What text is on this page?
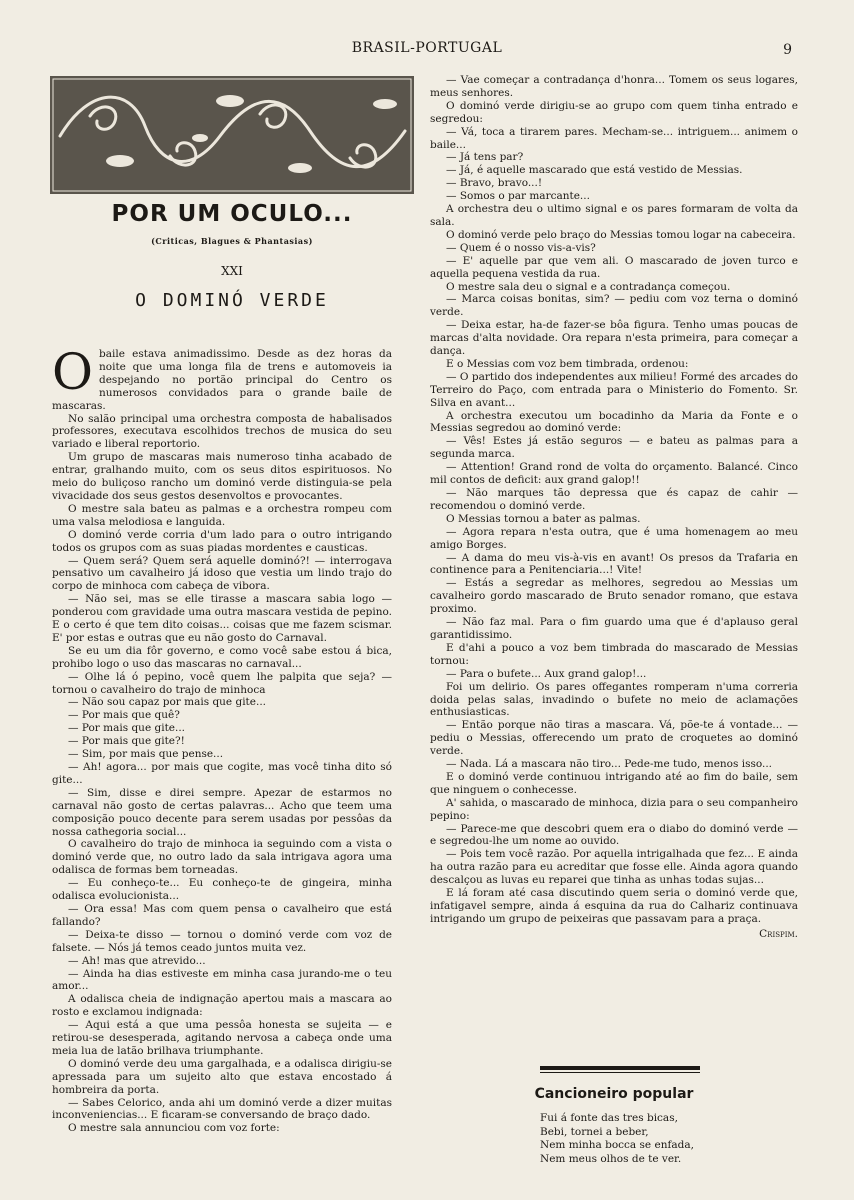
BRASIL-PORTUGAL	9
POR UM OCULO...
(Criticas, Blagues & Phantasias)
XXI
O DOMINÓ VERDE

Obaile estava animadissimo. Desde as dez horas da noite que uma longa fila de trens e automoveis ia despejando no portão principal do Centro os numerosos convidados para o grande baile de mascaras.

No salão principal uma orchestra composta de habalisados professores, executava escolhidos trechos de musica do seu variado e liberal reportorio.

Um grupo de mascaras mais numeroso tinha acabado de entrar, gralhando muito, com os seus ditos espirituosos. No meio do buliçoso rancho um dominó verde distinguia-se pela vivacidade dos seus gestos desenvoltos e provocantes.

O mestre sala bateu as palmas e a orchestra rompeu com uma valsa melodiosa e languida.

O dominó verde corria d'um lado para o outro intrigando todos os grupos com as suas piadas mordentes e causticas.

— Quem será? Quem será aquelle dominó?! — interrogava pensativo um cavalheiro já idoso que vestia um lindo trajo do corpo de minhoca com cabeça de vibora.

— Não sei, mas se elle tirasse a mascara sabia logo — ponderou com gravidade uma outra mascara vestida de pepino. E o certo é que tem dito coisas... coisas que me fazem scismar. E' por estas e outras que eu não gosto do Carnaval.

Se eu um dia fôr governo, e como você sabe estou á bica, prohibo logo o uso das mascaras no carnaval...

— Olhe lá ó pepino, você quem lhe palpita que seja? — tornou o cavalheiro do trajo de minhoca

— Não sou capaz por mais que gite...

— Por mais que quê?

— Por mais que gite...

— Por mais que gite?!

— Sim, por mais que pense...

— Ah! agora... por mais que cogite, mas você tinha dito só gite...

— Sim, disse e direi sempre. Apezar de estarmos no carnaval não gosto de certas palavras... Acho que teem uma composição pouco decente para serem usadas por pessôas da nossa cathegoria social...

O cavalheiro do trajo de minhoca ia seguindo com a vista o dominó verde que, no outro lado da sala intrigava agora uma odalisca de formas bem torneadas.

— Eu conheço-te... Eu conheço-te de gingeira, minha odalisca evolucionista...

— Ora essa! Mas com quem pensa o cavalheiro que está fallando?

— Deixa-te disso — tornou o dominó verde com voz de falsete. — Nós já temos ceado juntos muita vez.

— Ah! mas que atrevido...

— Ainda ha dias estiveste em minha casa jurando-me o teu amor...

A odalisca cheia de indignação apertou mais a mascara ao rosto e exclamou indignada:

— Aqui está a que uma pessôa honesta se sujeita — e retirou-se desesperada, agitando nervosa a cabeça onde uma meia lua de latão brilhava triumphante.

O dominó verde deu uma gargalhada, e a odalisca dirigiu-se apressada para um sujeito alto que estava encostado á hombreira da porta.

— Sabes Celorico, anda ahi um dominó verde a dizer muitas inconveniencias... E ficaram-se conversando de braço dado.

O mestre sala annunciou com voz forte:

— Vae começar a contradança d'honra... Tomem os seus logares, meus senhores.

O dominó verde dirigiu-se ao grupo com quem tinha entrado e segredou:

— Vá, toca a tirarem pares. Mecham-se... intriguem... animem o baile...

— Já tens par?

— Já, é aquelle mascarado que está vestido de Messias.

— Bravo, bravo...!

— Somos o par marcante...

A orchestra deu o ultimo signal e os pares formaram de volta da sala.

O dominó verde pelo braço do Messias tomou logar na cabeceira.

— Quem é o nosso vis-a-vis?

— E' aquelle par que vem ali. O mascarado de joven turco e aquella pequena vestida da rua.

O mestre sala deu o signal e a contradança começou.

— Marca coisas bonitas, sim? — pediu com voz terna o dominó verde.

— Deixa estar, ha-de fazer-se bôa figura. Tenho umas poucas de marcas d'alta novidade. Ora repara n'esta primeira, para começar a dança.

E o Messias com voz bem timbrada, ordenou:

— O partido dos independentes aux milieu! Formé des arcades do Terreiro do Paço, com entrada para o Ministerio do Fomento. Sr. Silva en avant...

A orchestra executou um bocadinho da Maria da Fonte e o Messias segredou ao dominó verde:

— Vês! Estes já estão seguros — e bateu as palmas para a segunda marca.

— Attention! Grand rond de volta do orçamento. Balancé. Cinco mil contos de deficit: aux grand galop!!

— Não marques tão depressa que és capaz de cahir — recomendou o dominó verde.

O Messias tornou a bater as palmas.

— Agora repara n'esta outra, que é uma homenagem ao meu amigo Borges.

— A dama do meu vis-à-vis en avant! Os presos da Trafaria en continence para a Penitenciaria...! Vite!

— Estás a segredar as melhores, segredou ao Messias um cavalheiro gordo mascarado de Bruto senador romano, que estava proximo.

— Não faz mal. Para o fim guardo uma que é d'aplauso geral garantidissimo.

E d'ahi a pouco a voz bem timbrada do mascarado de Messias tornou:

— Para o bufete... Aux grand galop!...

Foi um delirio. Os pares offegantes romperam n'uma correria doida pelas salas, invadindo o bufete no meio de aclamações enthusiasticas.

— Então porque não tiras a mascara. Vá, põe-te á vontade... — pediu o Messias, offerecendo um prato de croquetes ao dominó verde.

— Nada. Lá a mascara não tiro... Pede-me tudo, menos isso...

E o dominó verde continuou intrigando até ao fim do baile, sem que ninguem o conhecesse.

A' sahida, o mascarado de minhoca, dizia para o seu companheiro pepino:

— Parece-me que descobri quem era o diabo do dominó verde — e segredou-lhe um nome ao ouvido.

— Pois tem você razão. Por aquella intrigalhada que fez... E ainda ha outra razão para eu acreditar que fosse elle. Ainda agora quando descalçou as luvas eu reparei que tinha as unhas todas sujas...

E lá foram até casa discutindo quem seria o dominó verde que, infatigavel sempre, ainda á esquina da rua do Calhariz continuava intrigando um grupo de peixeiras que passavam para a praça.

Crispim.

Cancioneiro popular
Fui á fonte das tres bicas,
Bebi, tornei a beber,
Nem minha bocca se enfada,
Nem meus olhos de te ver.
